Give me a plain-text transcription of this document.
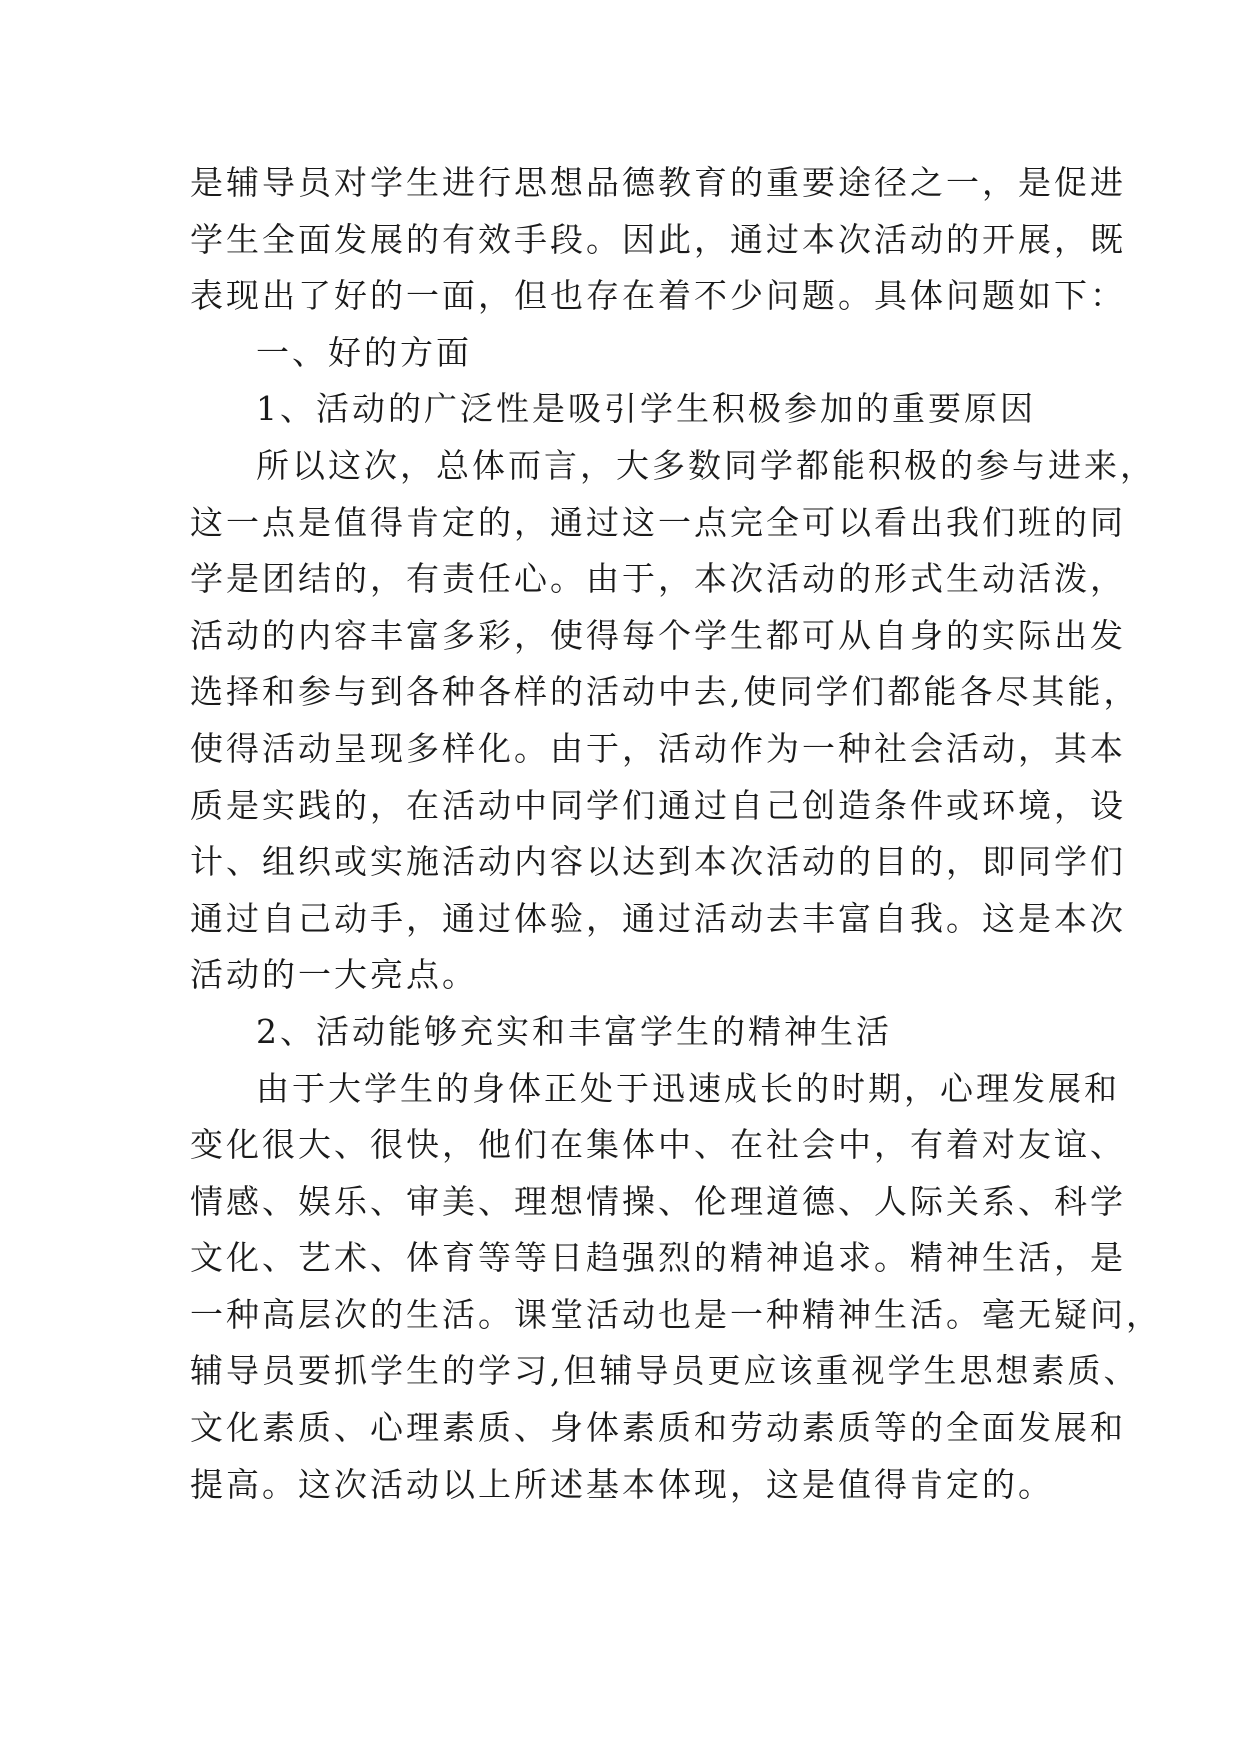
是辅导员对学生进行思想品德教育的重要途径之一，是促进
学生全面发展的有效手段。因此，通过本次活动的开展，既
表现出了好的一面，但也存在着不少问题。具体问题如下：
一、好的方面
1、活动的广泛性是吸引学生积极参加的重要原因
所以这次，总体而言，大多数同学都能积极的参与进来，
这一点是值得肯定的，通过这一点完全可以看出我们班的同
学是团结的，有责任心。由于，本次活动的形式生动活泼，
活动的内容丰富多彩，使得每个学生都可从自身的实际出发
选择和参与到各种各样的活动中去,使同学们都能各尽其能，
使得活动呈现多样化。由于，活动作为一种社会活动，其本
质是实践的，在活动中同学们通过自己创造条件或环境，设
计、组织或实施活动内容以达到本次活动的目的，即同学们
通过自己动手，通过体验，通过活动去丰富自我。这是本次
活动的一大亮点。
2、活动能够充实和丰富学生的精神生活
由于大学生的身体正处于迅速成长的时期，心理发展和
变化很大、很快，他们在集体中、在社会中，有着对友谊、
情感、娱乐、审美、理想情操、伦理道德、人际关系、科学
文化、艺术、体育等等日趋强烈的精神追求。精神生活，是
一种高层次的生活。课堂活动也是一种精神生活。毫无疑问，
辅导员要抓学生的学习,但辅导员更应该重视学生思想素质、
文化素质、心理素质、身体素质和劳动素质等的全面发展和
提高。这次活动以上所述基本体现，这是值得肯定的。
